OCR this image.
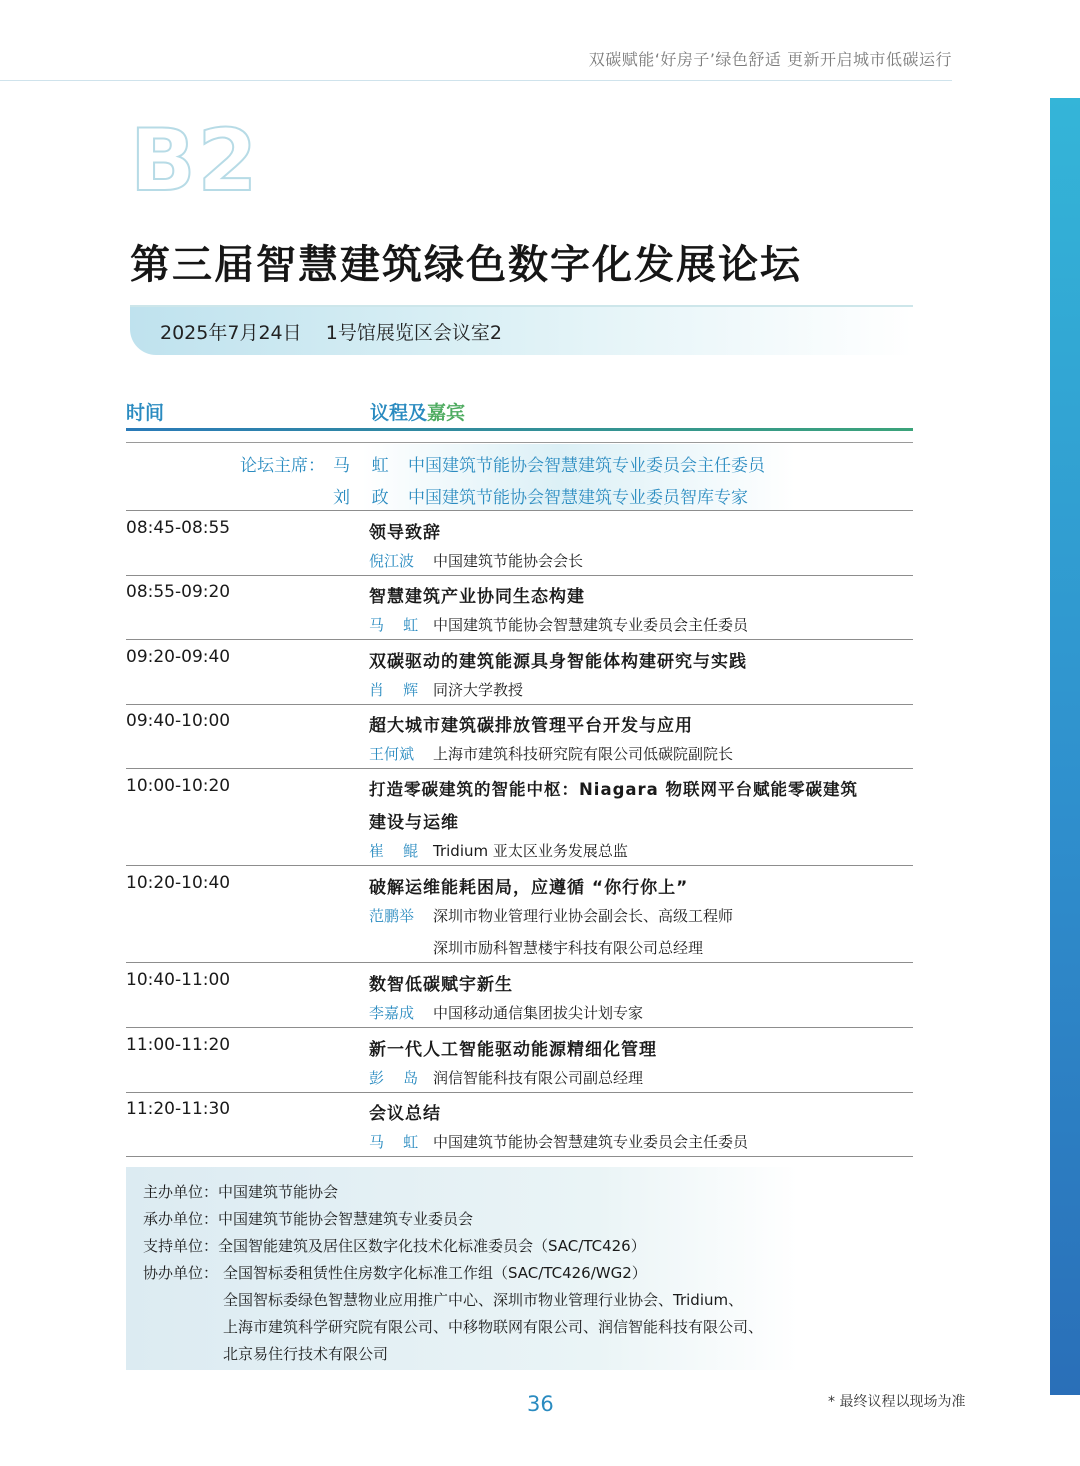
双碳赋能‘好房子’绿色舒适 更新开启城市低碳运行
B2
第三届智慧建筑绿色数字化发展论坛
2025年7月24日    1号馆展览区会议室2
时间	议程及嘉宾
论坛主席： 马    虹 中国建筑节能协会智慧建筑专业委员会主任委员
刘    政 中国建筑节能协会智慧建筑专业委员智库专家
08:45-08:55	领导致辞
倪江波 中国建筑节能协会会长
08:55-09:20	智慧建筑产业协同生态构建
马    虹 中国建筑节能协会智慧建筑专业委员会主任委员
09:20-09:40	双碳驱动的建筑能源具身智能体构建研究与实践
肖    辉 同济大学教授
09:40-10:00	超大城市建筑碳排放管理平台开发与应用
王何斌 上海市建筑科技研究院有限公司低碳院副院长
10:00-10:20	打造零碳建筑的智能中枢：Niagara 物联网平台赋能零碳建筑
建设与运维
崔    鲲 Tridium 亚太区业务发展总监
10:20-10:40	破解运维能耗困局，应遵循 “你行你上”
范鹏举 深圳市物业管理行业协会副会长、高级工程师
深圳市励科智慧楼宇科技有限公司总经理
10:40-11:00	数智低碳赋宇新生
李嘉成 中国移动通信集团拔尖计划专家
11:00-11:20	新一代人工智能驱动能源精细化管理
彭    岛 润信智能科技有限公司副总经理
11:20-11:30	会议总结
马    虹 中国建筑节能协会智慧建筑专业委员会主任委员
主办单位：中国建筑节能协会
承办单位：中国建筑节能协会智慧建筑专业委员会
支持单位：全国智能建筑及居住区数字化技术化标准委员会（SAC/TC426）
协办单位： 全国智标委租赁性住房数字化标准工作组（SAC/TC426/WG2）
全国智标委绿色智慧物业应用推广中心、深圳市物业管理行业协会、Tridium、
上海市建筑科学研究院有限公司、中移物联网有限公司、润信智能科技有限公司、
北京易住行技术有限公司
36	* 最终议程以现场为准
